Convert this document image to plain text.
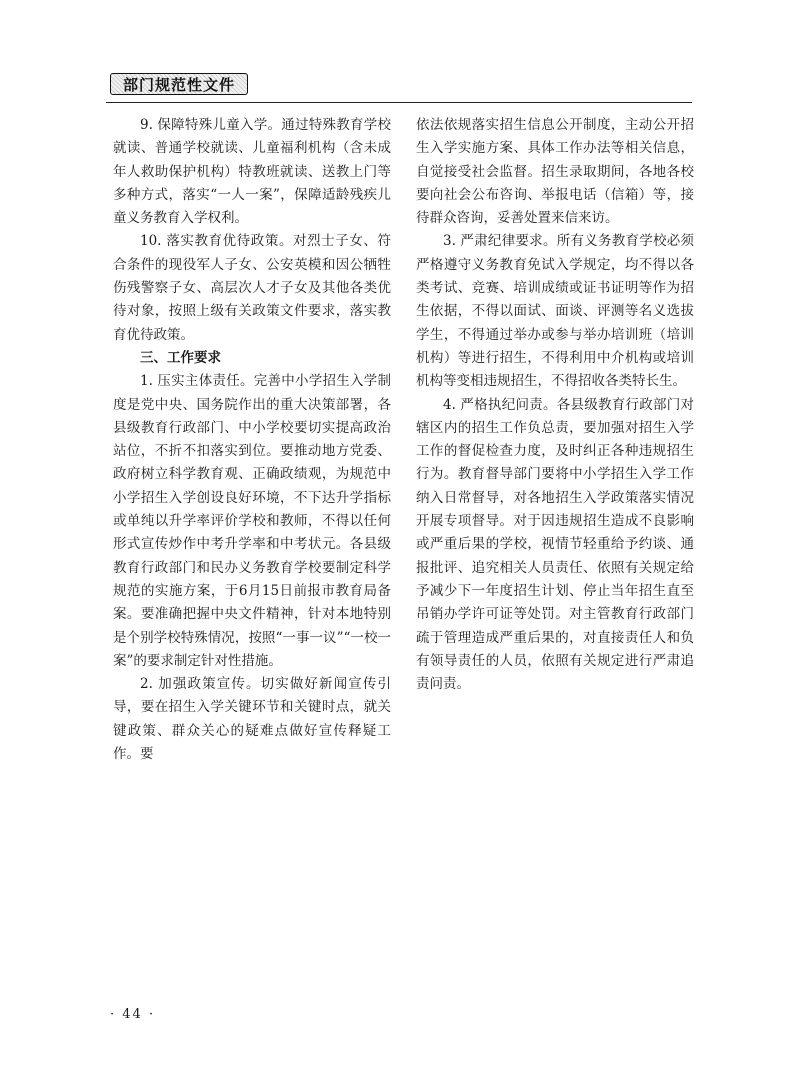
部门规范性文件

9. 保障特殊儿童入学。通过特殊教育学校就读、普通学校就读、儿童福利机构（含未成年人救助保护机构）特教班就读、送教上门等多种方式，落实“一人一案”，保障适龄残疾儿童义务教育入学权利。

10. 落实教育优待政策。对烈士子女、符合条件的现役军人子女、公安英模和因公牺牲伤残警察子女、高层次人才子女及其他各类优待对象，按照上级有关政策文件要求，落实教育优待政策。

三、工作要求

1. 压实主体责任。完善中小学招生入学制度是党中央、国务院作出的重大决策部署，各县级教育行政部门、中小学校要切实提高政治站位，不折不扣落实到位。要推动地方党委、政府树立科学教育观、正确政绩观，为规范中小学招生入学创设良好环境，不下达升学指标或单纯以升学率评价学校和教师，不得以任何形式宣传炒作中考升学率和中考状元。各县级教育行政部门和民办义务教育学校要制定科学规范的实施方案，于6月15日前报市教育局备案。要准确把握中央文件精神，针对本地特别是个别学校特殊情况，按照“一事一议”“一校一案”的要求制定针对性措施。

2. 加强政策宣传。切实做好新闻宣传引导，要在招生入学关键环节和关键时点，就关键政策、群众关心的疑难点做好宣传释疑工作。要

依法依规落实招生信息公开制度，主动公开招生入学实施方案、具体工作办法等相关信息，自觉接受社会监督。招生录取期间，各地各校要向社会公布咨询、举报电话（信箱）等，接待群众咨询，妥善处置来信来访。

3. 严肃纪律要求。所有义务教育学校必须严格遵守义务教育免试入学规定，均不得以各类考试、竞赛、培训成绩或证书证明等作为招生依据，不得以面试、面谈、评测等名义选拔学生，不得通过举办或参与举办培训班（培训机构）等进行招生，不得利用中介机构或培训机构等变相违规招生，不得招收各类特长生。

4. 严格执纪问责。各县级教育行政部门对辖区内的招生工作负总责，要加强对招生入学工作的督促检查力度，及时纠正各种违规招生行为。教育督导部门要将中小学招生入学工作纳入日常督导，对各地招生入学政策落实情况开展专项督导。对于因违规招生造成不良影响或严重后果的学校，视情节轻重给予约谈、通报批评、追究相关人员责任、依照有关规定给予减少下一年度招生计划、停止当年招生直至吊销办学许可证等处罚。对主管教育行政部门疏于管理造成严重后果的，对直接责任人和负有领导责任的人员，依照有关规定进行严肃追责问责。

· 44 ·
